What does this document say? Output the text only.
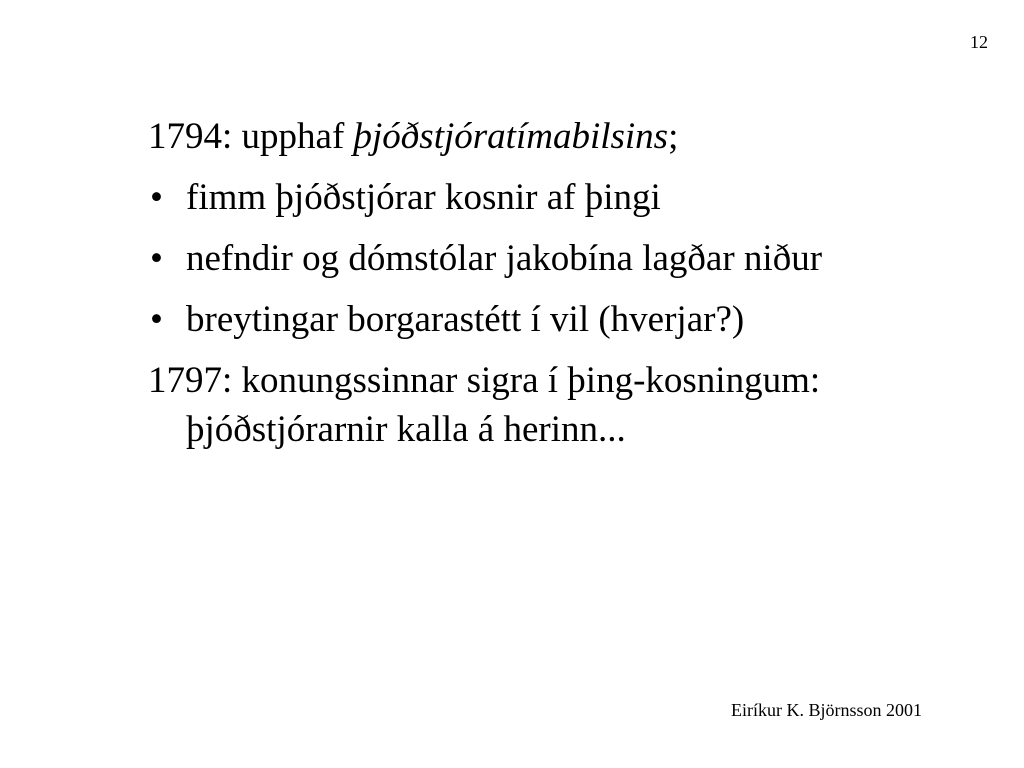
12

1794: upphaf þjóðstjóratímabilsins;

• fimm þjóðstjórar kosnir af þingi
• nefndir og dómstólar jakobína lagðar niður
• breytingar borgarastétt í vil (hverjar?)

1797: konungssinnar sigra í þing-kosningum: þjóðstjórarnir kalla á herinn...

Eiríkur K. Björnsson 2001
